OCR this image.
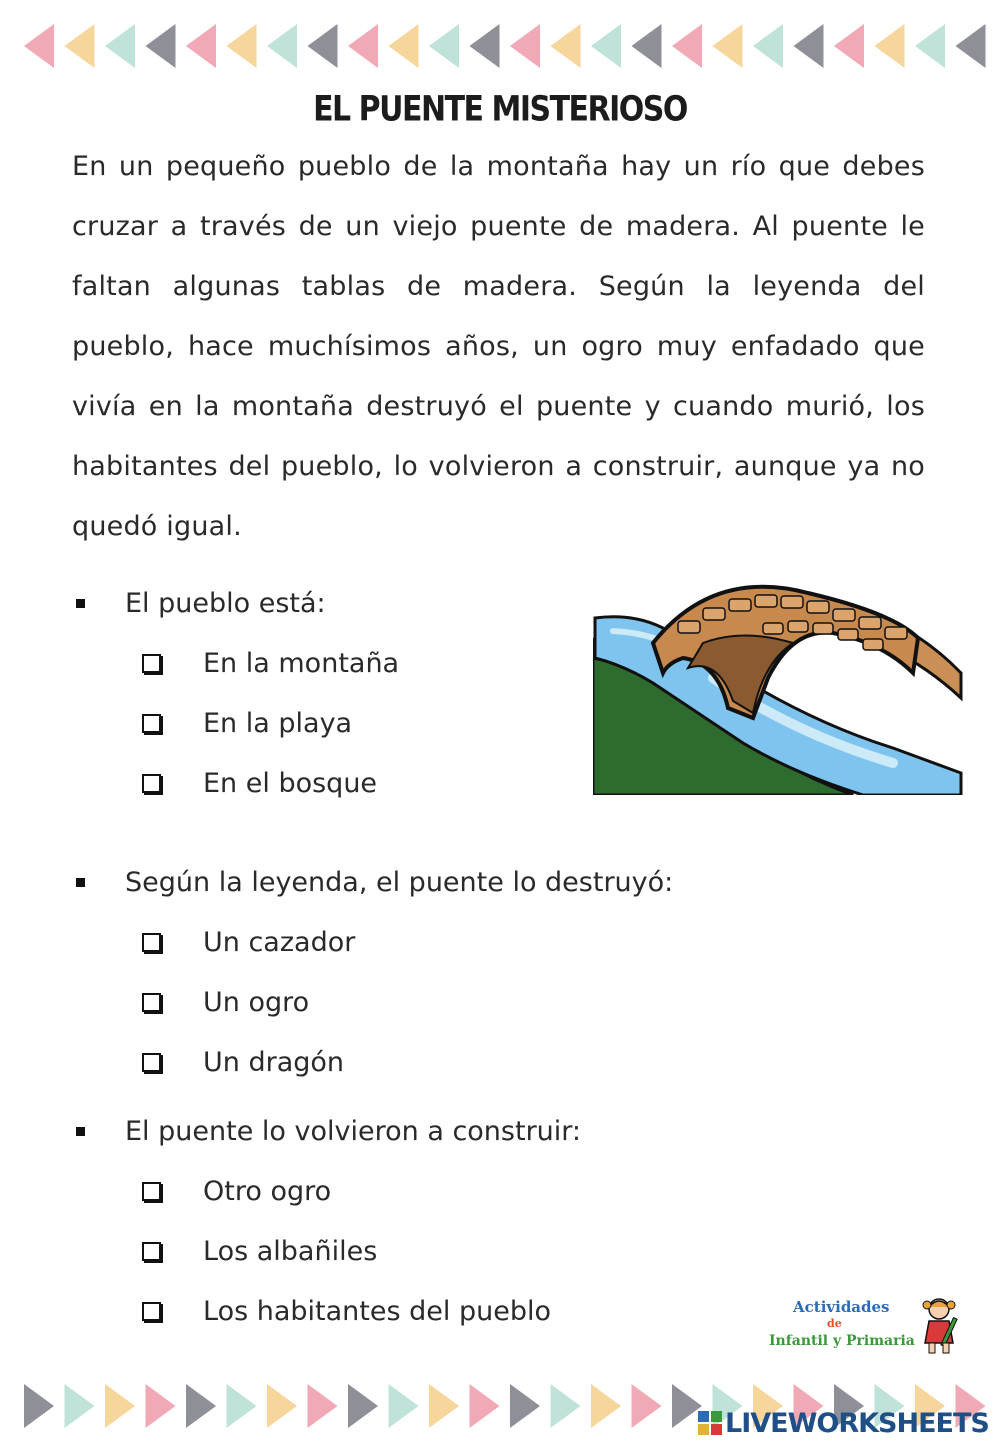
EL PUENTE MISTERIOSO

En un pequeño pueblo de la montaña hay un río que debes cruzar a través de un viejo puente de madera. Al puente le faltan algunas tablas de madera. Según la leyenda del pueblo, hace muchísimos años, un ogro muy enfadado que vivía en la montaña destruyó el puente y cuando murió, los habitantes del pueblo, lo volvieron a construir, aunque ya no quedó igual.

El pueblo está:
En la montaña
En la playa
En el bosque
Según la leyenda, el puente lo destruyó:
Un cazador
Un ogro
Un dragón
El puente lo volvieron a construir:
Otro ogro
Los albañiles
Los habitantes del pueblo	Actividades
de
Infantil y Primaria
LIVEWORKSHEETS
